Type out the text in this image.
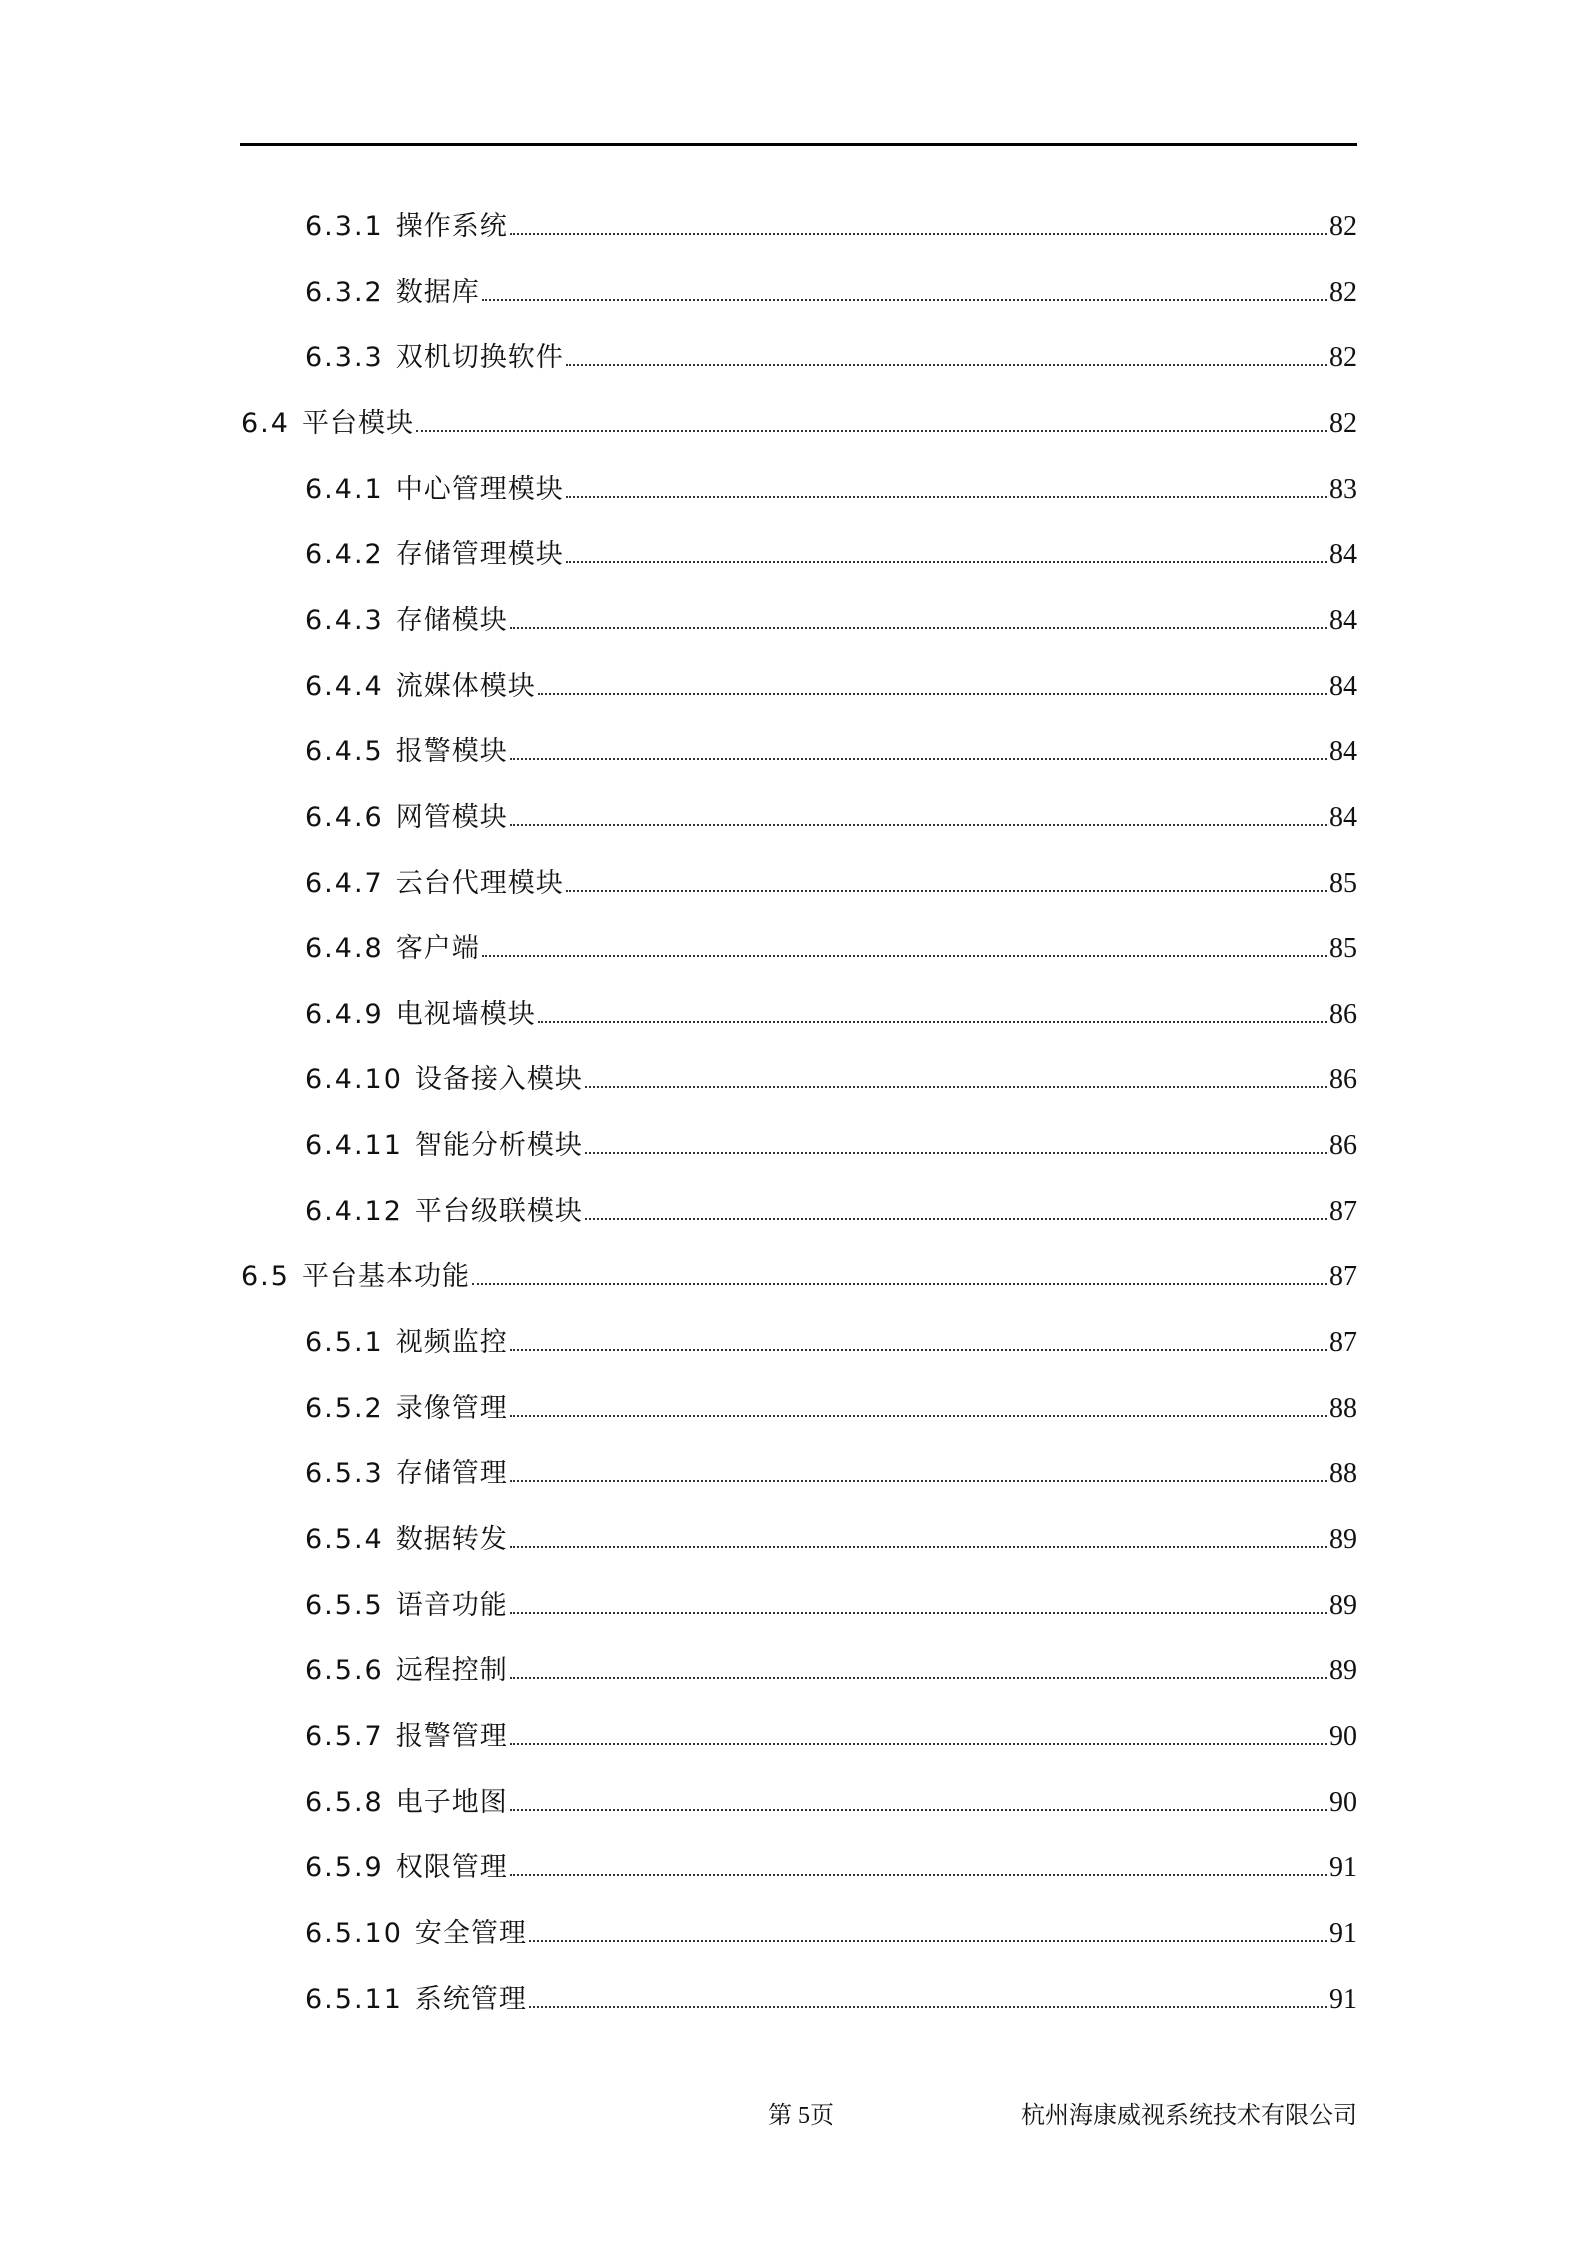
6.3.1 操作系统	82
6.3.2 数据库	82
6.3.3 双机切换软件	82
6.4 平台模块	82
6.4.1 中心管理模块	83
6.4.2 存储管理模块	84
6.4.3 存储模块	84
6.4.4 流媒体模块	84
6.4.5 报警模块	84
6.4.6 网管模块	84
6.4.7 云台代理模块	85
6.4.8 客户端	85
6.4.9 电视墙模块	86
6.4.10 设备接入模块	86
6.4.11 智能分析模块	86
6.4.12 平台级联模块	87
6.5 平台基本功能	87
6.5.1 视频监控	87
6.5.2 录像管理	88
6.5.3 存储管理	88
6.5.4 数据转发	89
6.5.5 语音功能	89
6.5.6 远程控制	89
6.5.7 报警管理	90
6.5.8 电子地图	90
6.5.9 权限管理	91
6.5.10 安全管理	91
6.5.11 系统管理	91
第 5页	杭州海康威视系统技术有限公司
